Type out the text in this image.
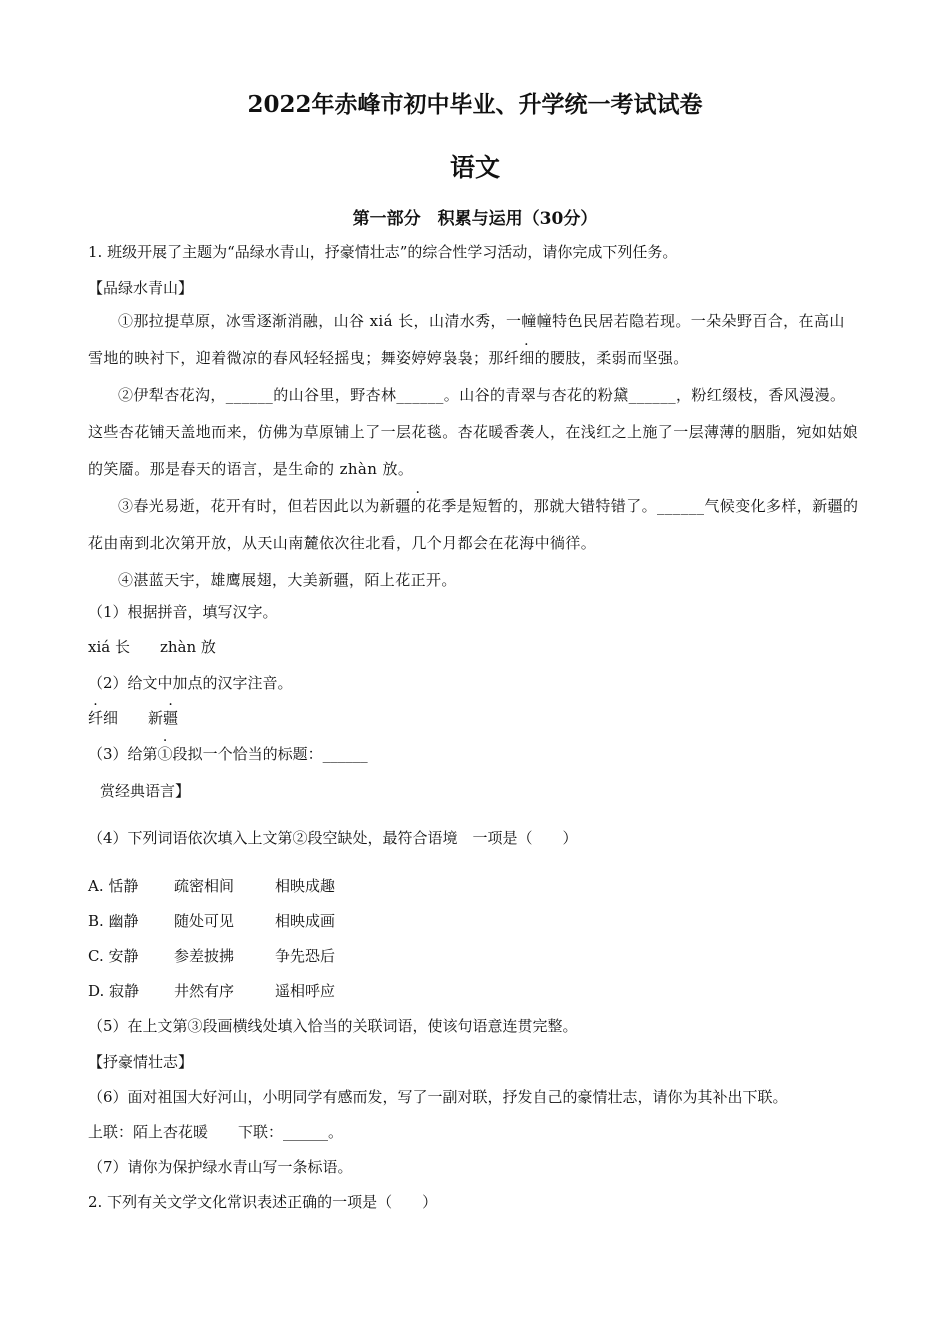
2022年赤峰市初中毕业、升学统一考试试卷
语文
第一部分　积累与运用（30分）
1. 班级开展了主题为“品绿水青山，抒豪情壮志”的综合性学习活动，请你完成下列任务。
【品绿水青山】
①那拉提草原，冰雪逐渐消融，山谷 xiá 长，山清水秀，一幢幢特色民居若隐若现。一朵朵野百合，在高山雪地的映衬下，迎着微凉的春风轻轻摇曳；舞姿婷婷袅袅；那纤细的腰肢，柔弱而坚强。
②伊犁杏花沟，______的山谷里，野杏林______。山谷的青翠与杏花的粉黛______，粉红缀枝，香风漫漫。这些杏花铺天盖地而来，仿佛为草原铺上了一层花毯。杏花暖香袭人，在浅红之上施了一层薄薄的胭脂，宛如姑娘的笑靥。那是春天的语言，是生命的 zhàn 放。
③春光易逝，花开有时，但若因此以为新疆的花季是短暂的，那就大错特错了。______气候变化多样，新疆的花由南到北次第开放，从天山南麓依次往北看，几个月都会在花海中徜徉。
④湛蓝天宇，雄鹰展翅，大美新疆，陌上花正开。
（1）根据拼音，填写汉字。
xiá 长 zhàn 放
（2）给文中加点的汉字注音。
纤细 新疆
（3）给· 第①段拟一个恰当的标题：______
赏经典语言】
（4）下列词语依次填入上文第②段空缺处，最符合语境　一项是（　　）
A. 恬静 疏密相间	相映成趣
B. 幽静 随处可见	相映成画
C. 安静 参差披拂	争先恐后
D. 寂静 井然有序	遥相呼应
（5）在上文第③段画横线处填入恰当的关联词语，使该句语意连贯完整。
【抒豪情壮志】
（6）面对祖国大好河山，小明同学有感而发，写了一副对联，抒发自己的豪情壮志，请你为其补出下联。
上联：陌上杏花暖 下联：______。
（7）请你为保护绿水青山写一条标语。
2. 下列有关文学文化常识表述正确的一项是（　　）
